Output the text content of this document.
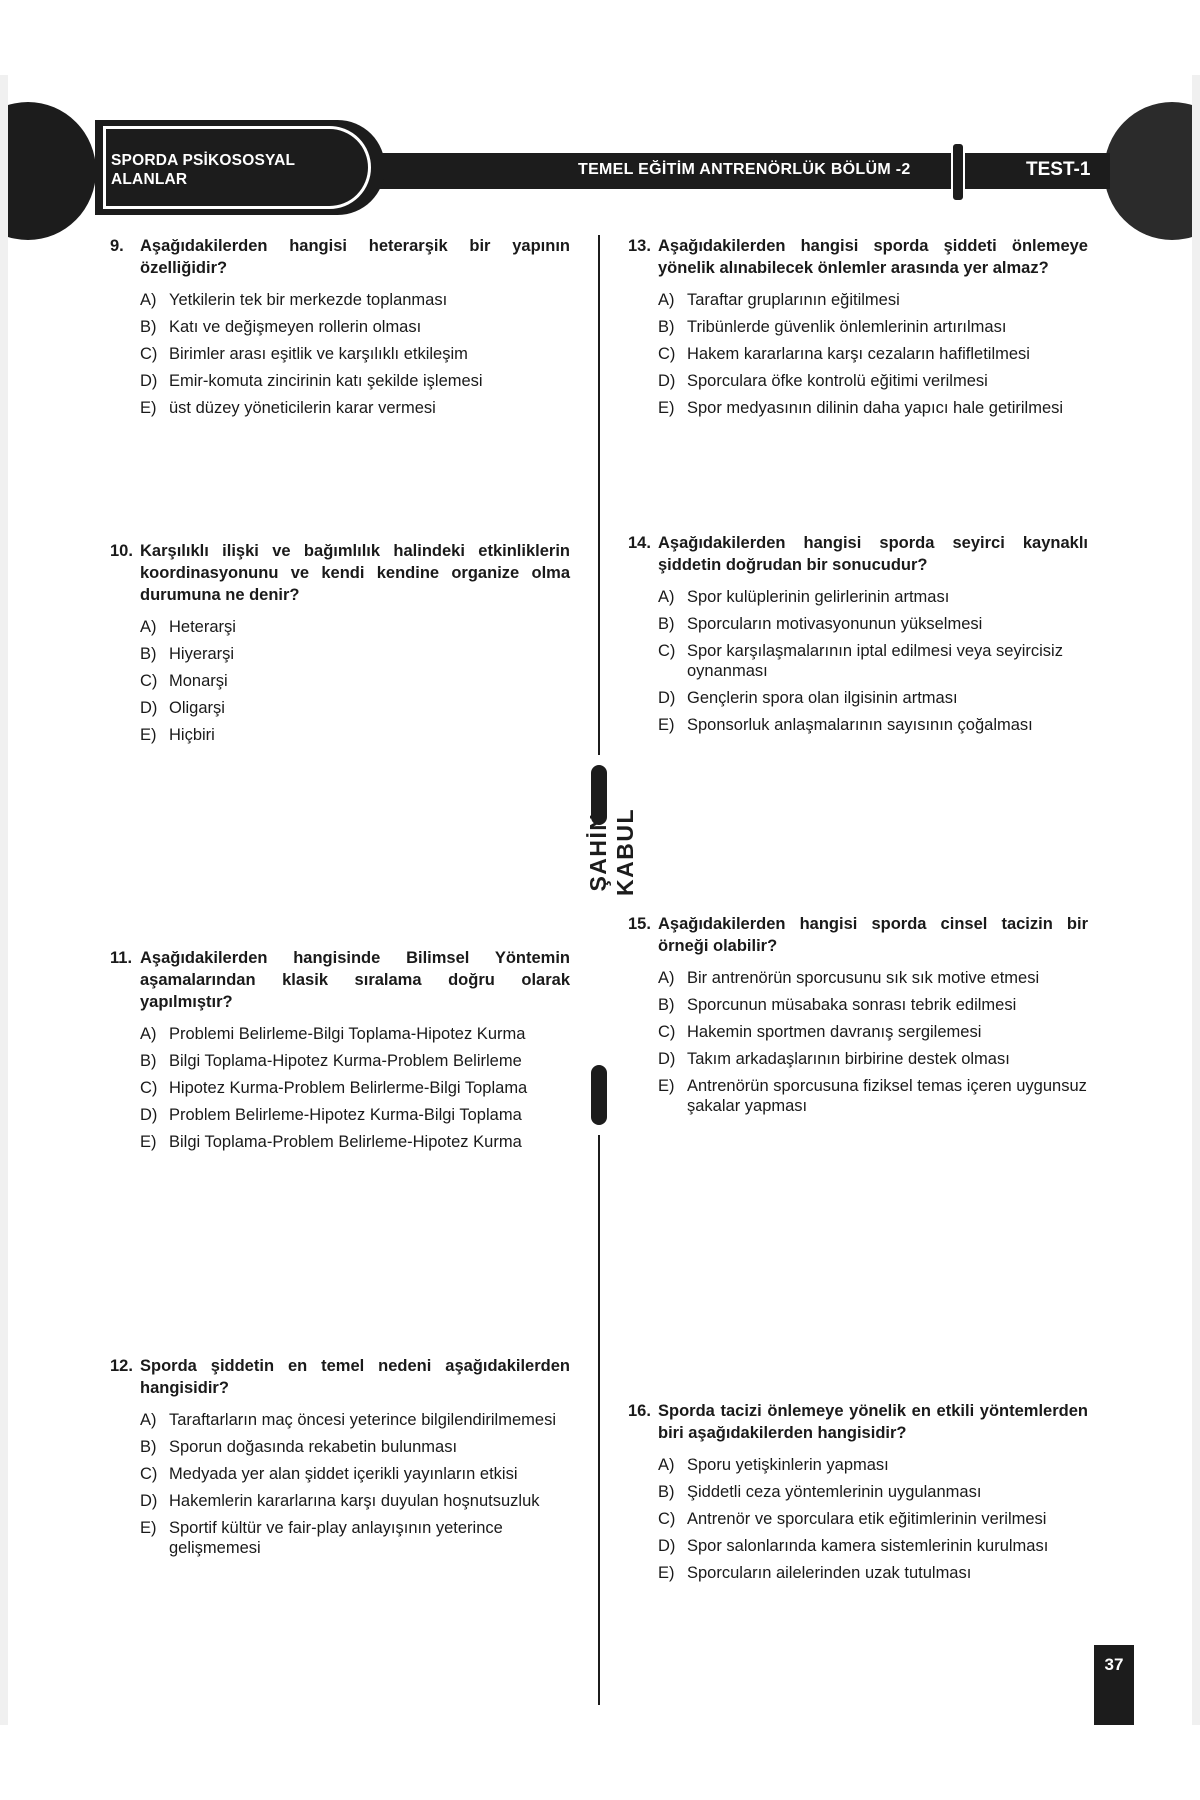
SPORDA PSİKOSOSYAL ALANLAR
TEMEL EĞİTİM ANTRENÖRLÜK BÖLÜM -2	TEST-1
ŞAHİN KABUL
9. Aşağıdakilerden hangisi heterarşik bir yapının özelliğidir?
A) Yetkilerin tek bir merkezde toplanması
B) Katı ve değişmeyen rollerin olması
C) Birimler arası eşitlik ve karşılıklı etkileşim
D) Emir-komuta zincirinin katı şekilde işlemesi
E) üst düzey yöneticilerin karar vermesi
10. Karşılıklı ilişki ve bağımlılık halindeki etkinliklerin koordinasyonunu ve kendi kendine organize olma durumuna ne denir?
A) Heterarşi
B) Hiyerarşi
C) Monarşi
D) Oligarşi
E) Hiçbiri
11. Aşağıdakilerden hangisinde Bilimsel Yöntemin aşamalarından klasik sıralama doğru olarak yapılmıştır?
A) Problemi Belirleme-Bilgi Toplama-Hipotez Kurma
B) Bilgi Toplama-Hipotez Kurma-Problem Belirleme
C) Hipotez Kurma-Problem Belirlerme-Bilgi Toplama
D) Problem Belirleme-Hipotez Kurma-Bilgi Toplama
E) Bilgi Toplama-Problem Belirleme-Hipotez Kurma
12. Sporda şiddetin en temel nedeni aşağıdakilerden hangisidir?
A) Taraftarların maç öncesi yeterince bilgilendirilmemesi
B) Sporun doğasında rekabetin bulunması
C) Medyada yer alan şiddet içerikli yayınların etkisi
D) Hakemlerin kararlarına karşı duyulan hoşnutsuzluk
E) Sportif kültür ve fair-play anlayışının yeterince gelişmemesi
13. Aşağıdakilerden hangisi sporda şiddeti önlemeye yönelik alınabilecek önlemler arasında yer almaz?
A) Taraftar gruplarının eğitilmesi
B) Tribünlerde güvenlik önlemlerinin artırılması
C) Hakem kararlarına karşı cezaların hafifletilmesi
D) Sporculara öfke kontrolü eğitimi verilmesi
E) Spor medyasının dilinin daha yapıcı hale getirilmesi
14. Aşağıdakilerden hangisi sporda seyirci kaynaklı şiddetin doğrudan bir sonucudur?
A) Spor kulüplerinin gelirlerinin artması
B) Sporcuların motivasyonunun yükselmesi
C) Spor karşılaşmalarının iptal edilmesi veya seyircisiz oynanması
D) Gençlerin spora olan ilgisinin artması
E) Sponsorluk anlaşmalarının sayısının çoğalması
15. Aşağıdakilerden hangisi sporda cinsel tacizin bir örneği olabilir?
A) Bir antrenörün sporcusunu sık sık motive etmesi
B) Sporcunun müsabaka sonrası tebrik edilmesi
C) Hakemin sportmen davranış sergilemesi
D) Takım arkadaşlarının birbirine destek olması
E) Antrenörün sporcusuna fiziksel temas içeren uygunsuz şakalar yapması
16. Sporda tacizi önlemeye yönelik en etkili yöntemlerden biri aşağıdakilerden hangisidir?
A) Sporu yetişkinlerin yapması
B) Şiddetli ceza yöntemlerinin uygulanması
C) Antrenör ve sporculara etik eğitimlerinin verilmesi
D) Spor salonlarında kamera sistemlerinin kurulması
E) Sporcuların ailelerinden uzak tutulması
37
